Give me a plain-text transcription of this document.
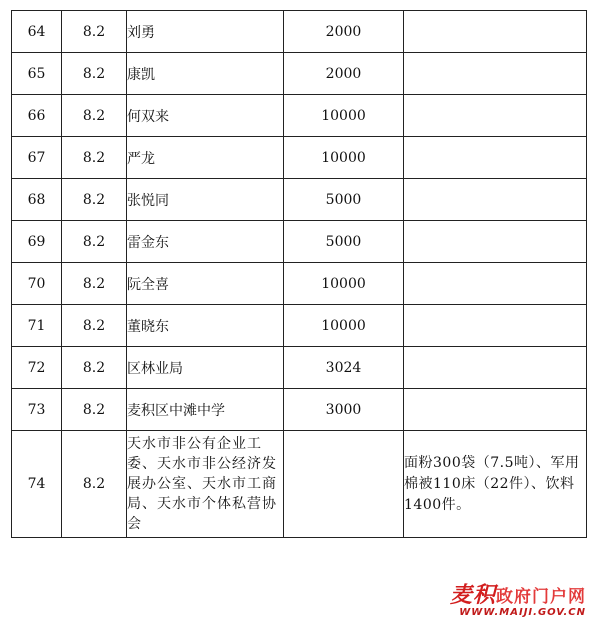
64	8.2	刘勇	2000	
65	8.2	康凯	2000	
66	8.2	何双来	10000	
67	8.2	严龙	10000	
68	8.2	张悦同	5000	
69	8.2	雷金东	5000	
70	8.2	阮全喜	10000	
71	8.2	董晓东	10000	
72	8.2	区林业局	3024	
73	8.2	麦积区中滩中学	3000	
74	8.2	天水市非公有企业工委、天水市非公经济发展办公室、天水市工商局、天水市个体私营协会		面粉300袋（7.5吨）、军用棉被110床（22件）、饮料1400件。
麦积政府门户网
WWW.MAIJI.GOV.CN
